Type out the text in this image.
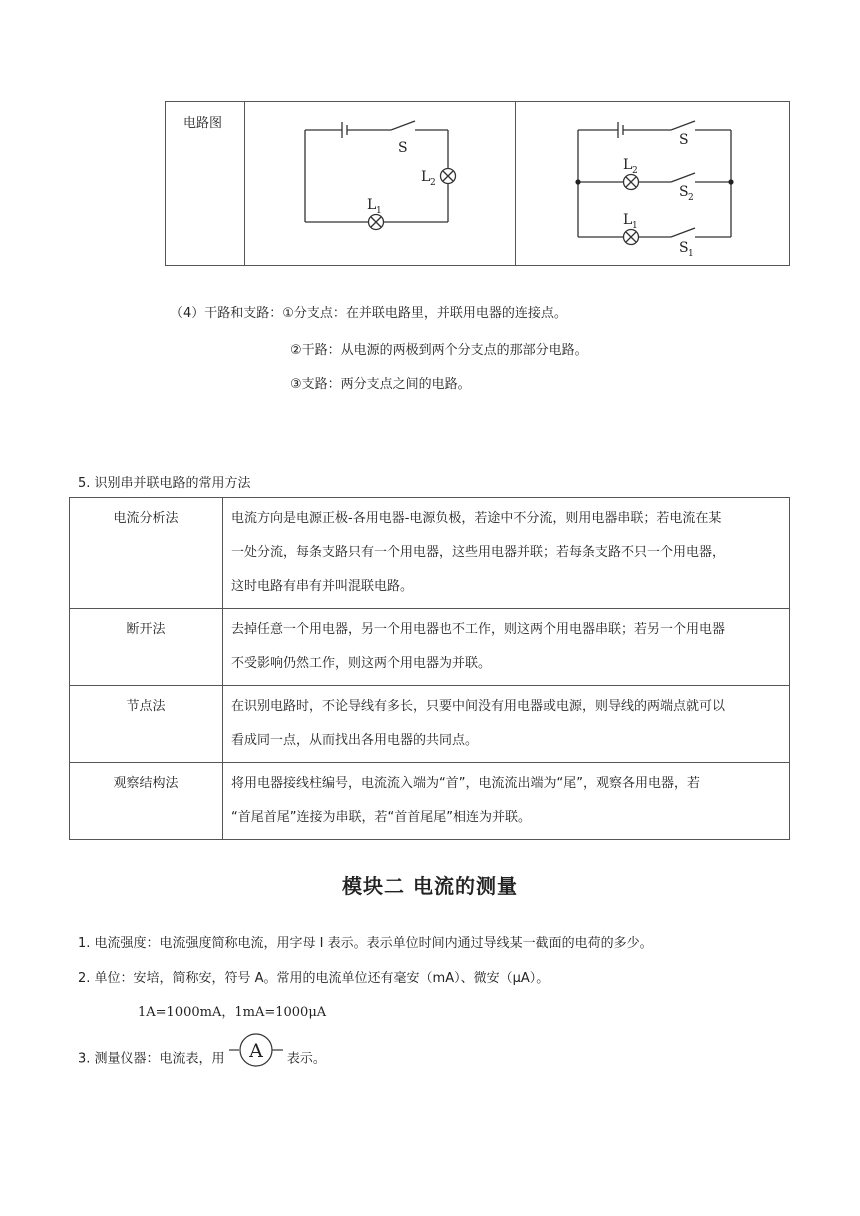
电路图	
S
L 2
L 1

S
L 2
S 2
L 1
S 1
（4）干路和支路：①分支点：在并联电路里，并联用电器的连接点。
②干路：从电源的两极到两个分支点的那部分电路。
③支路：两分支点之间的电路。
5. 识别串并联电路的常用方法
电流分析法	电流方向是电源正极-各用电器-电源负极，若途中不分流，则用电器串联；若电流在某
一处分流，每条支路只有一个用电器，这些用电器并联；若每条支路不只一个用电器，
这时电路有串有并叫混联电路。

断开法	去掉任意一个用电器，另一个用电器也不工作，则这两个用电器串联；若另一个用电器
不受影响仍然工作，则这两个用电器为并联。

节点法	在识别电路时，不论导线有多长，只要中间没有用电器或电源，则导线的两端点就可以
看成同一点，从而找出各用电器的共同点。

观察结构法	将用电器接线柱编号，电流流入端为“首”，电流流出端为“尾”，观察各用电器，若
“首尾首尾”连接为串联，若“首首尾尾”相连为并联。
模块二 电流的测量
1. 电流强度：电流强度简称电流，用字母 I 表示。表示单位时间内通过导线某一截面的电荷的多少。
2. 单位：安培，简称安，符号 A。常用的电流单位还有毫安（mA）、微安（μA）。
1A=1000mA，1mA=1000μA
3. 测量仪器：电流表，用 A 表示。
